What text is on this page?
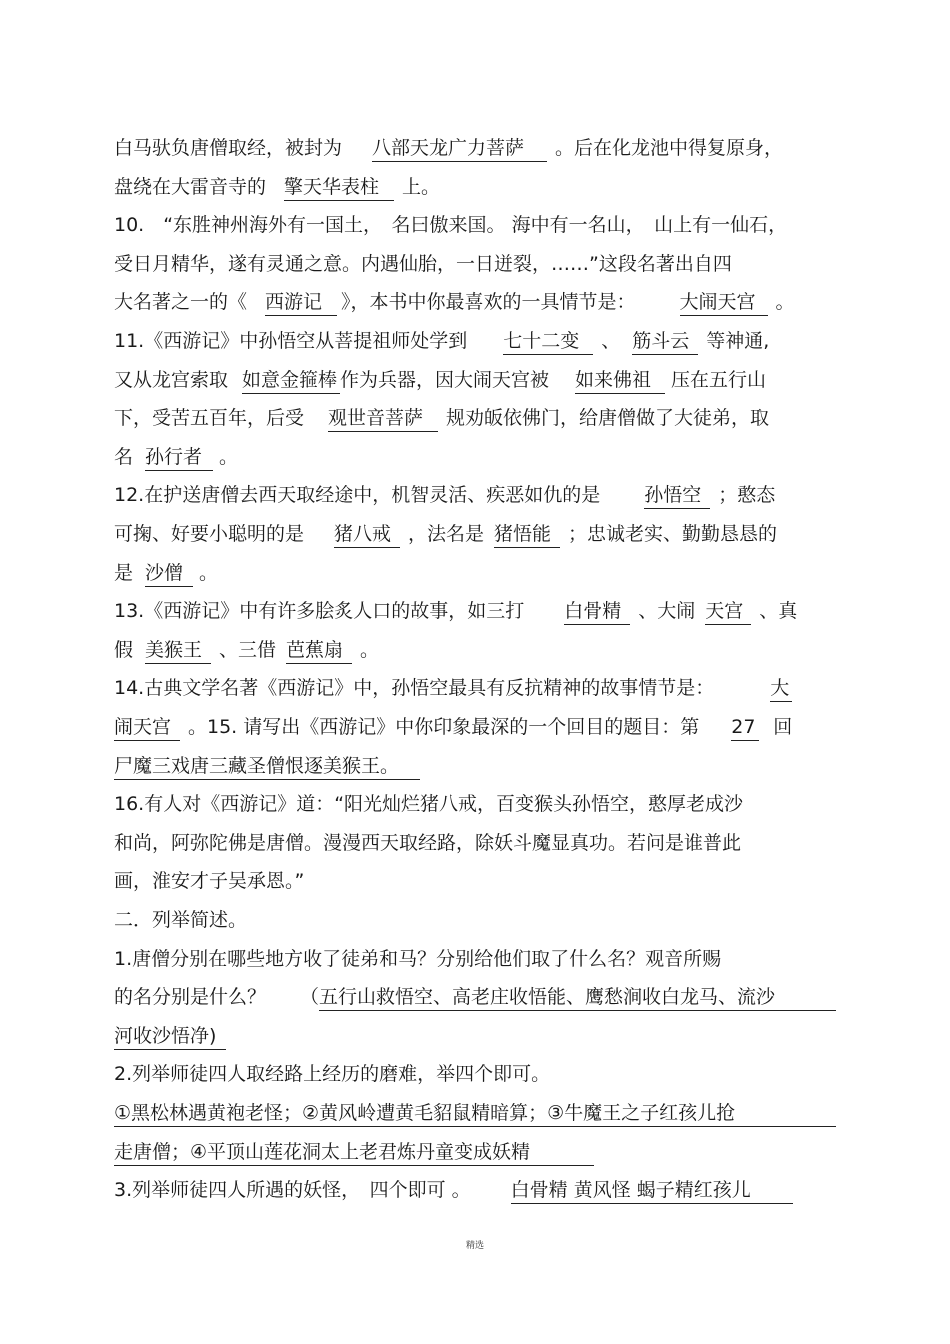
白马驮负唐僧取经，被封为 八部天龙广力菩萨 。后在化龙池中得复原身，
盘绕在大雷音寺的 擎天华表柱 上。
10.　“东胜神州海外有一国土，　名曰傲来国。 海中有一名山，　山上有一仙石，
受日月精华，遂有灵通之意。内遇仙胎，一日迸裂，……”这段名著出自四
大名著之一的《 西游记 》，本书中你最喜欢的一具情节是： 大闹天宫 。
11.《西游记》中孙悟空从菩提祖师处学到 七十二变 、 筋斗云 等神通,
又从龙宫索取 如意金箍棒 作为兵器，因大闹天宫被 如来佛祖 压在五行山
下，受苦五百年，后受 观世音菩萨 规劝皈依佛门，给唐僧做了大徒弟，取
名 孙行者 。
12.在护送唐僧去西天取经途中，机智灵活、疾恶如仇的是 孙悟空 ；憨态
可掬、好要小聪明的是 猪八戒 ，法名是 猪悟能 ；忠诚老实、勤勤恳恳的
是 沙僧 。
13.《西游记》中有许多脍炙人口的故事，如三打 白骨精 、大闹 天宫 、真
假 美猴王 、三借 芭蕉扇 。
14.古典文学名著《西游记》中，孙悟空最具有反抗精神的故事情节是：	大
闹天宫 。15. 请写出《西游记》中你印象最深的一个回目的题目：第 27 回
尸魔三戏唐三藏圣僧恨逐美猴王。
16.有人对《西游记》道：“阳光灿烂猪八戒，百变猴头孙悟空，憨厚老成沙
和尚，阿弥陀佛是唐僧。漫漫西天取经路，除妖斗魔显真功。若问是谁普此
画，淮安才子吴承恩。”
二．列举简述。
1.唐僧分别在哪些地方收了徒弟和马？分别给他们取了什么名？观音所赐
的名分别是什么？ （五行山救悟空、高老庄收悟能、鹰愁涧收白龙马、流沙
河收沙悟净)
2.列举师徒四人取经路上经历的磨难，举四个即可。
①黑松林遇黄袍老怪；②黄风岭遭黄毛貂鼠精暗算；③牛魔王之子红孩儿抢
走唐僧；④平顶山莲花洞太上老君炼丹童变成妖精
3.列举师徒四人所遇的妖怪，　四个即可 。 白骨精 黄风怪 蝎子精红孩儿
精选
